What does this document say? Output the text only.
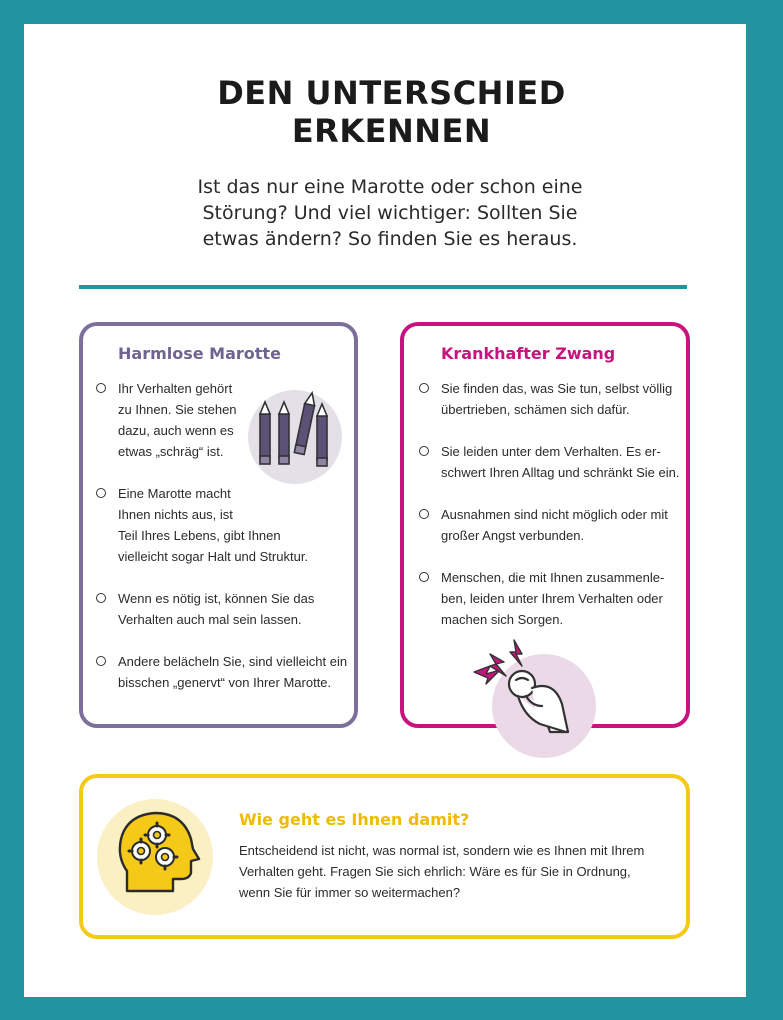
DEN UNTERSCHIED
ERKENNEN
Ist das nur eine Marotte oder schon eine
Störung? Und viel wichtiger: Sollten Sie
etwas ändern? So finden Sie es heraus.
Harmlose Marotte
Ihr Verhalten gehört
zu Ihnen. Sie stehen
dazu, auch wenn es
etwas „schräg“ ist.
Eine Marotte macht
Ihnen nichts aus, ist
Teil Ihres Lebens, gibt Ihnen
vielleicht sogar Halt und Struktur.
Wenn es nötig ist, können Sie das
Verhalten auch mal sein lassen.
Andere belächeln Sie, sind vielleicht ein
bisschen „genervt“ von Ihrer Marotte.
Krankhafter Zwang
Sie finden das, was Sie tun, selbst völlig
übertrieben, schämen sich dafür.
Sie leiden unter dem Verhalten. Es er-
schwert Ihren Alltag und schränkt Sie ein.
Ausnahmen sind nicht möglich oder mit
großer Angst verbunden.
Menschen, die mit Ihnen zusammenle-
ben, leiden unter Ihrem Verhalten oder
machen sich Sorgen.
Wie geht es Ihnen damit?
Entscheidend ist nicht, was normal ist, sondern wie es Ihnen mit Ihrem
Verhalten geht. Fragen Sie sich ehrlich: Wäre es für Sie in Ordnung,
wenn Sie für immer so weitermachen?
